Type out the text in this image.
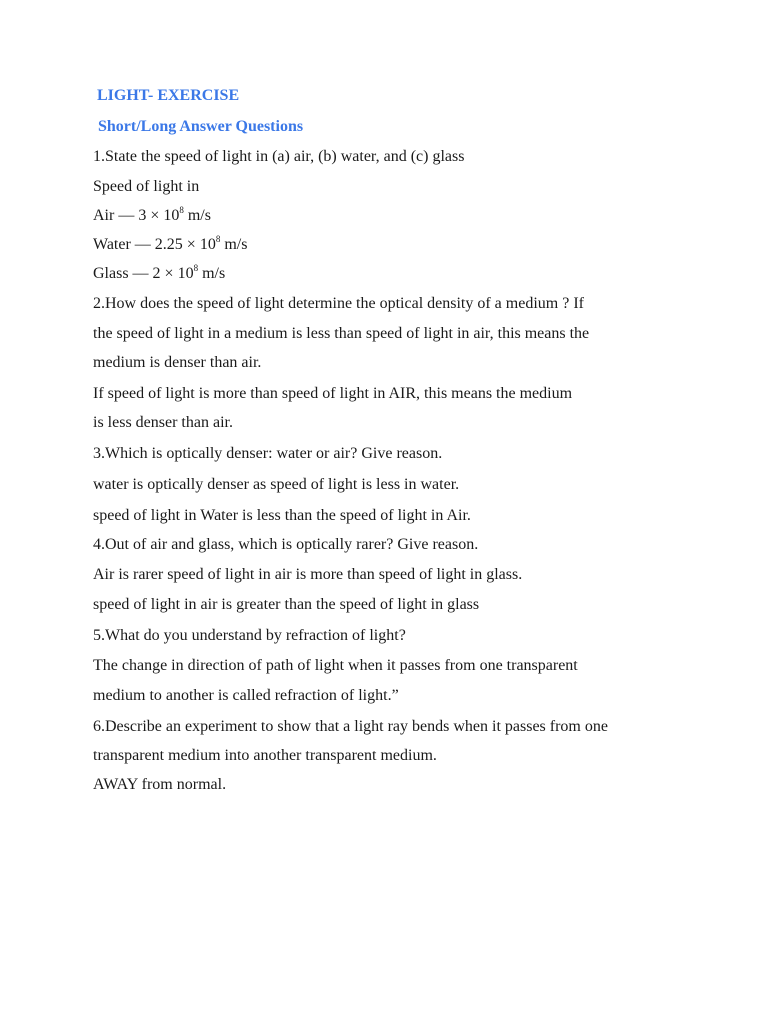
LIGHT- EXERCISE

Short/Long Answer Questions

1.State the speed of light in (a) air, (b) water, and (c) glass

Speed of light in

Air — $3 \times 10^8$ m/s

Water — $2.25 \times 10^8$ m/s

Glass — $2 \times 10^8$ m/s

2.How does the speed of light determine the optical density of a medium ? If

the speed of light in a medium is less than speed of light in air, this means the

medium is denser than air.

If speed of light is more than speed of light in AIR, this means the medium

is less denser than air.

3.Which is optically denser: water or air? Give reason.

water is optically denser as speed of light is less in water.

speed of light in Water is less than the speed of light in Air.

4.Out of air and glass, which is optically rarer? Give reason.

Air is rarer speed of light in air is more than speed of light in glass.

speed of light in air is greater than the speed of light in glass

5.What do you understand by refraction of light?

The change in direction of path of light when it passes from one transparent

medium to another is called refraction of light.”

6.Describe an experiment to show that a light ray bends when it passes from one

transparent medium into another transparent medium.

AWAY from normal.
